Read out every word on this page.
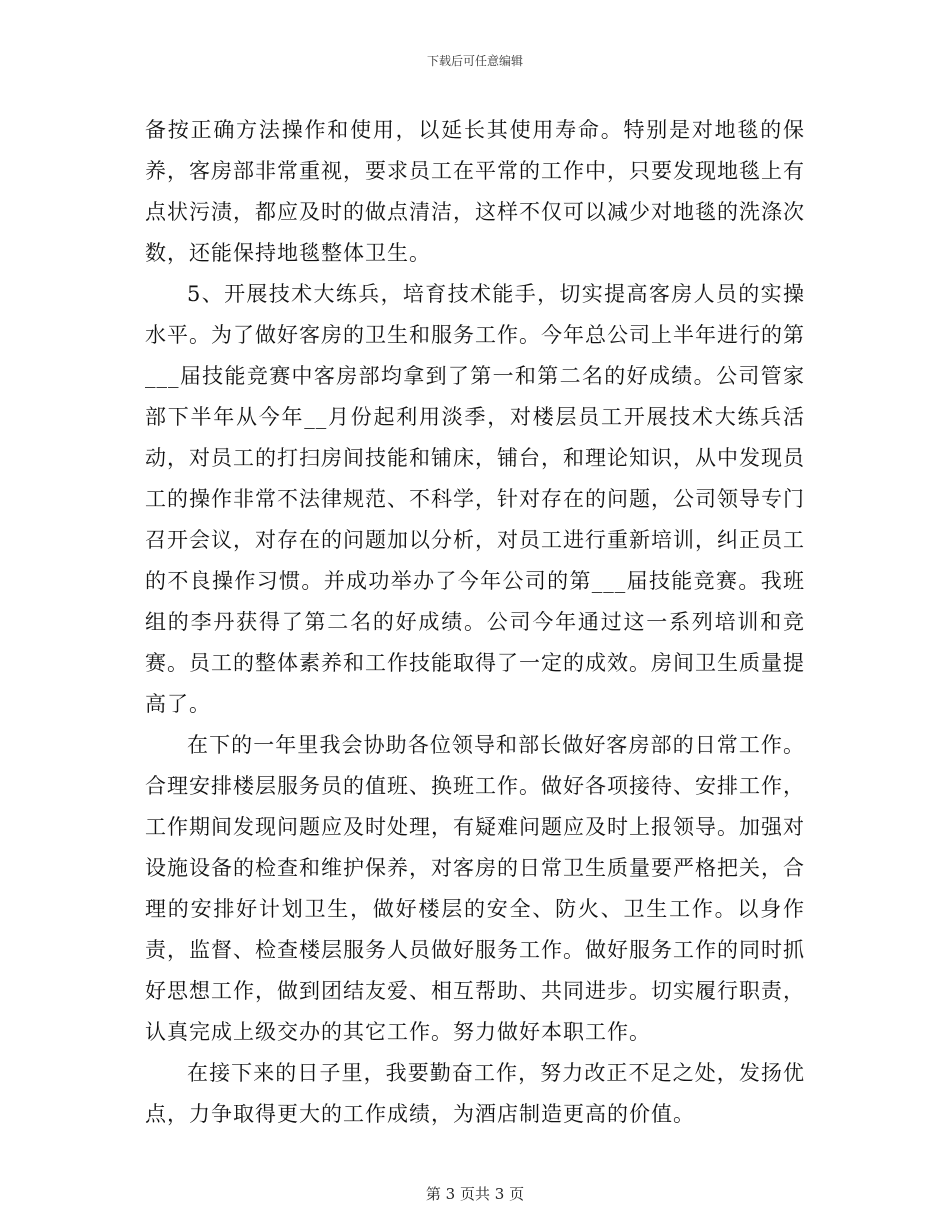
下载后可任意编辑

备按正确方法操作和使用，以延长其使用寿命。特别是对地毯的保养，客房部非常重视，要求员工在平常的工作中，只要发现地毯上有点状污渍，都应及时的做点清洁，这样不仅可以减少对地毯的洗涤次数，还能保持地毯整体卫生。

5、开展技术大练兵，培育技术能手，切实提高客房人员的实操水平。为了做好客房的卫生和服务工作。今年总公司上半年进行的第___届技能竞赛中客房部均拿到了第一和第二名的好成绩。公司管家部下半年从今年__月份起利用淡季，对楼层员工开展技术大练兵活动，对员工的打扫房间技能和铺床，铺台，和理论知识，从中发现员工的操作非常不法律规范、不科学，针对存在的问题，公司领导专门召开会议，对存在的问题加以分析，对员工进行重新培训，纠正员工的不良操作习惯。并成功举办了今年公司的第___届技能竞赛。我班组的李丹获得了第二名的好成绩。公司今年通过这一系列培训和竞赛。员工的整体素养和工作技能取得了一定的成效。房间卫生质量提高了。

在下的一年里我会协助各位领导和部长做好客房部的日常工作。合理安排楼层服务员的值班、换班工作。做好各项接待、安排工作，工作期间发现问题应及时处理，有疑难问题应及时上报领导。加强对设施设备的检查和维护保养，对客房的日常卫生质量要严格把关，合理的安排好计划卫生，做好楼层的安全、防火、卫生工作。以身作责，监督、检查楼层服务人员做好服务工作。做好服务工作的同时抓好思想工作，做到团结友爱、相互帮助、共同进步。切实履行职责，认真完成上级交办的其它工作。努力做好本职工作。

在接下来的日子里，我要勤奋工作，努力改正不足之处，发扬优点，力争取得更大的工作成绩，为酒店制造更高的价值。

第 3 页共 3 页
